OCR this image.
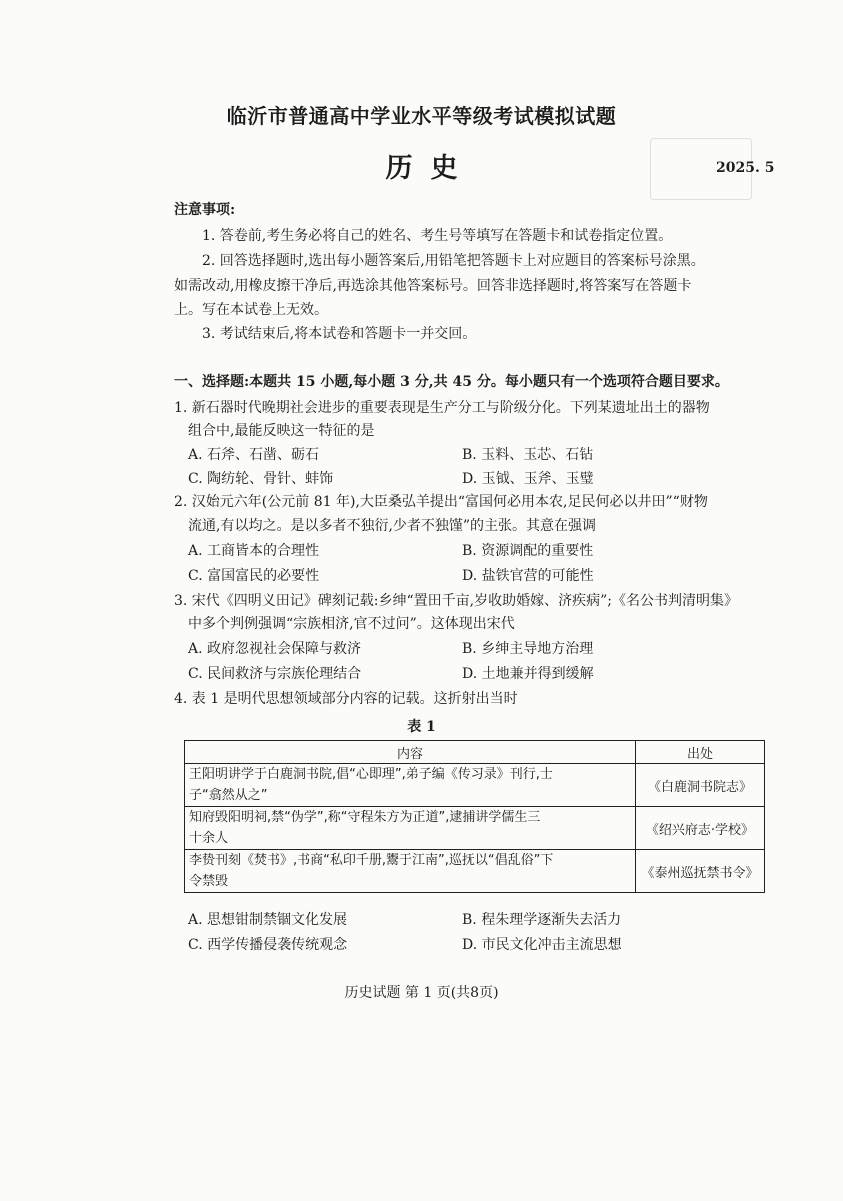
临沂市普通高中学业水平等级考试模拟试题
历史	2025. 5
注意事项:
1. 答卷前,考生务必将自己的姓名、考生号等填写在答题卡和试卷指定位置。
2. 回答选择题时,选出每小题答案后,用铅笔把答题卡上对应题目的答案标号涂黑。
如需改动,用橡皮擦干净后,再选涂其他答案标号。回答非选择题时,将答案写在答题卡
上。写在本试卷上无效。
3. 考试结束后,将本试卷和答题卡一并交回。
一、选择题:本题共 15 小题,每小题 3 分,共 45 分。每小题只有一个选项符合题目要求。
1. 新石器时代晚期社会进步的重要表现是生产分工与阶级分化。下列某遗址出土的器物
组合中,最能反映这一特征的是
A. 石斧、石凿、砺石	B. 玉料、玉芯、石钻
C. 陶纺轮、骨针、蚌饰	D. 玉钺、玉斧、玉璧
2. 汉始元六年(公元前 81 年),大臣桑弘羊提出“富国何必用本农,足民何必以井田”“财物
流通,有以均之。是以多者不独衍,少者不独馑”的主张。其意在强调
A. 工商皆本的合理性	B. 资源调配的重要性
C. 富国富民的必要性	D. 盐铁官营的可能性
3. 宋代《四明义田记》碑刻记载:乡绅“置田千亩,岁收助婚嫁、济疾病”;《名公书判清明集》
中多个判例强调“宗族相济,官不过问”。这体现出宋代
A. 政府忽视社会保障与救济	B. 乡绅主导地方治理
C. 民间救济与宗族伦理结合	D. 土地兼并得到缓解
4. 表 1 是明代思想领域部分内容的记载。这折射出当时
表 1
内容	出处

王阳明讲学于白鹿洞书院,倡“心即理”,弟子编《传习录》刊行,士
子“翕然从之”	《白鹿洞书院志》

知府毁阳明祠,禁“伪学”,称“守程朱方为正道”,逮捕讲学儒生三
十余人	《绍兴府志·学校》

李贽刊刻《焚书》,书商“私印千册,鬻于江南”,巡抚以“倡乱俗”下
令禁毁	《泰州巡抚禁书令》
A. 思想钳制禁锢文化发展	B. 程朱理学逐渐失去活力
C. 西学传播侵袭传统观念	D. 市民文化冲击主流思想
历史试题 第 1 页(共8页)
